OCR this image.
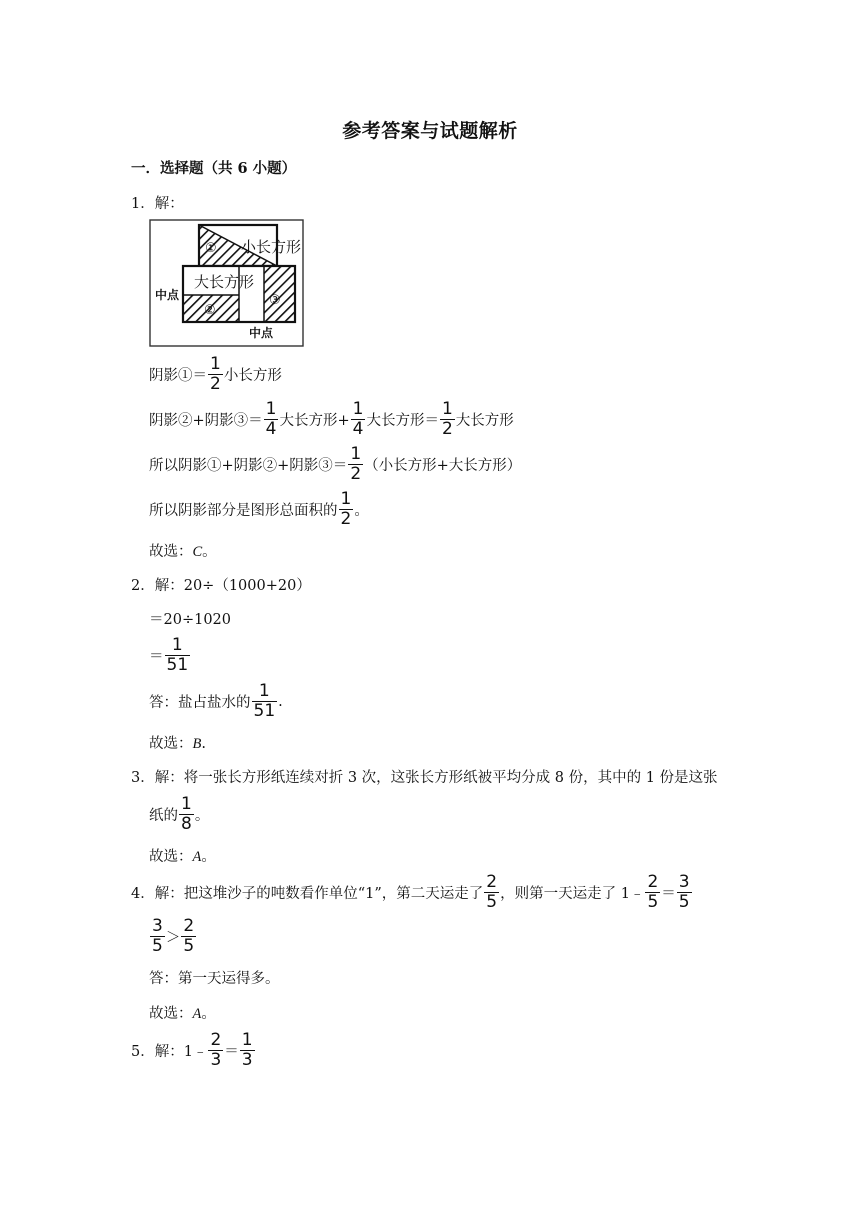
参考答案与试题解析
一．选择题（共 6 小题）
1．解：
小长方形
大长方形
中点
中点
①
②
③
阴影①＝ $\frac{1}{2}$ 小长方形
阴影②+阴影③＝ $\frac{1}{4}$ 大长方形+ $\frac{1}{4}$ 大长方形＝ $\frac{1}{2}$ 大长方形
所以阴影①+阴影②+阴影③＝ $\frac{1}{2}$ （小长方形+大长方形）
所以阴影部分是图形总面积的 $\frac{1}{2}$ 。
故选：C。
2．解：20÷（1000+20）
＝20÷1020
＝ $\frac{1}{51}$
答：盐占盐水的 $\frac{1}{51}$ .
故选：B.
3．解：将一张长方形纸连续对折 3 次，这张长方形纸被平均分成 8 份，其中的 1 份是这张
纸的 $\frac{1}{8}$ 。
故选：A。
4．解：把这堆沙子的吨数看作单位“1”，第二天运走了 $\frac{2}{5}$ ，则第一天运走了 1﹣ $\frac{2}{5} = \frac{3}{5}$
$\frac{3}{5} > \frac{2}{5}$
答：第一天运得多。
故选：A。
5．解：1﹣ $\frac{2}{3} = \frac{1}{3}$
